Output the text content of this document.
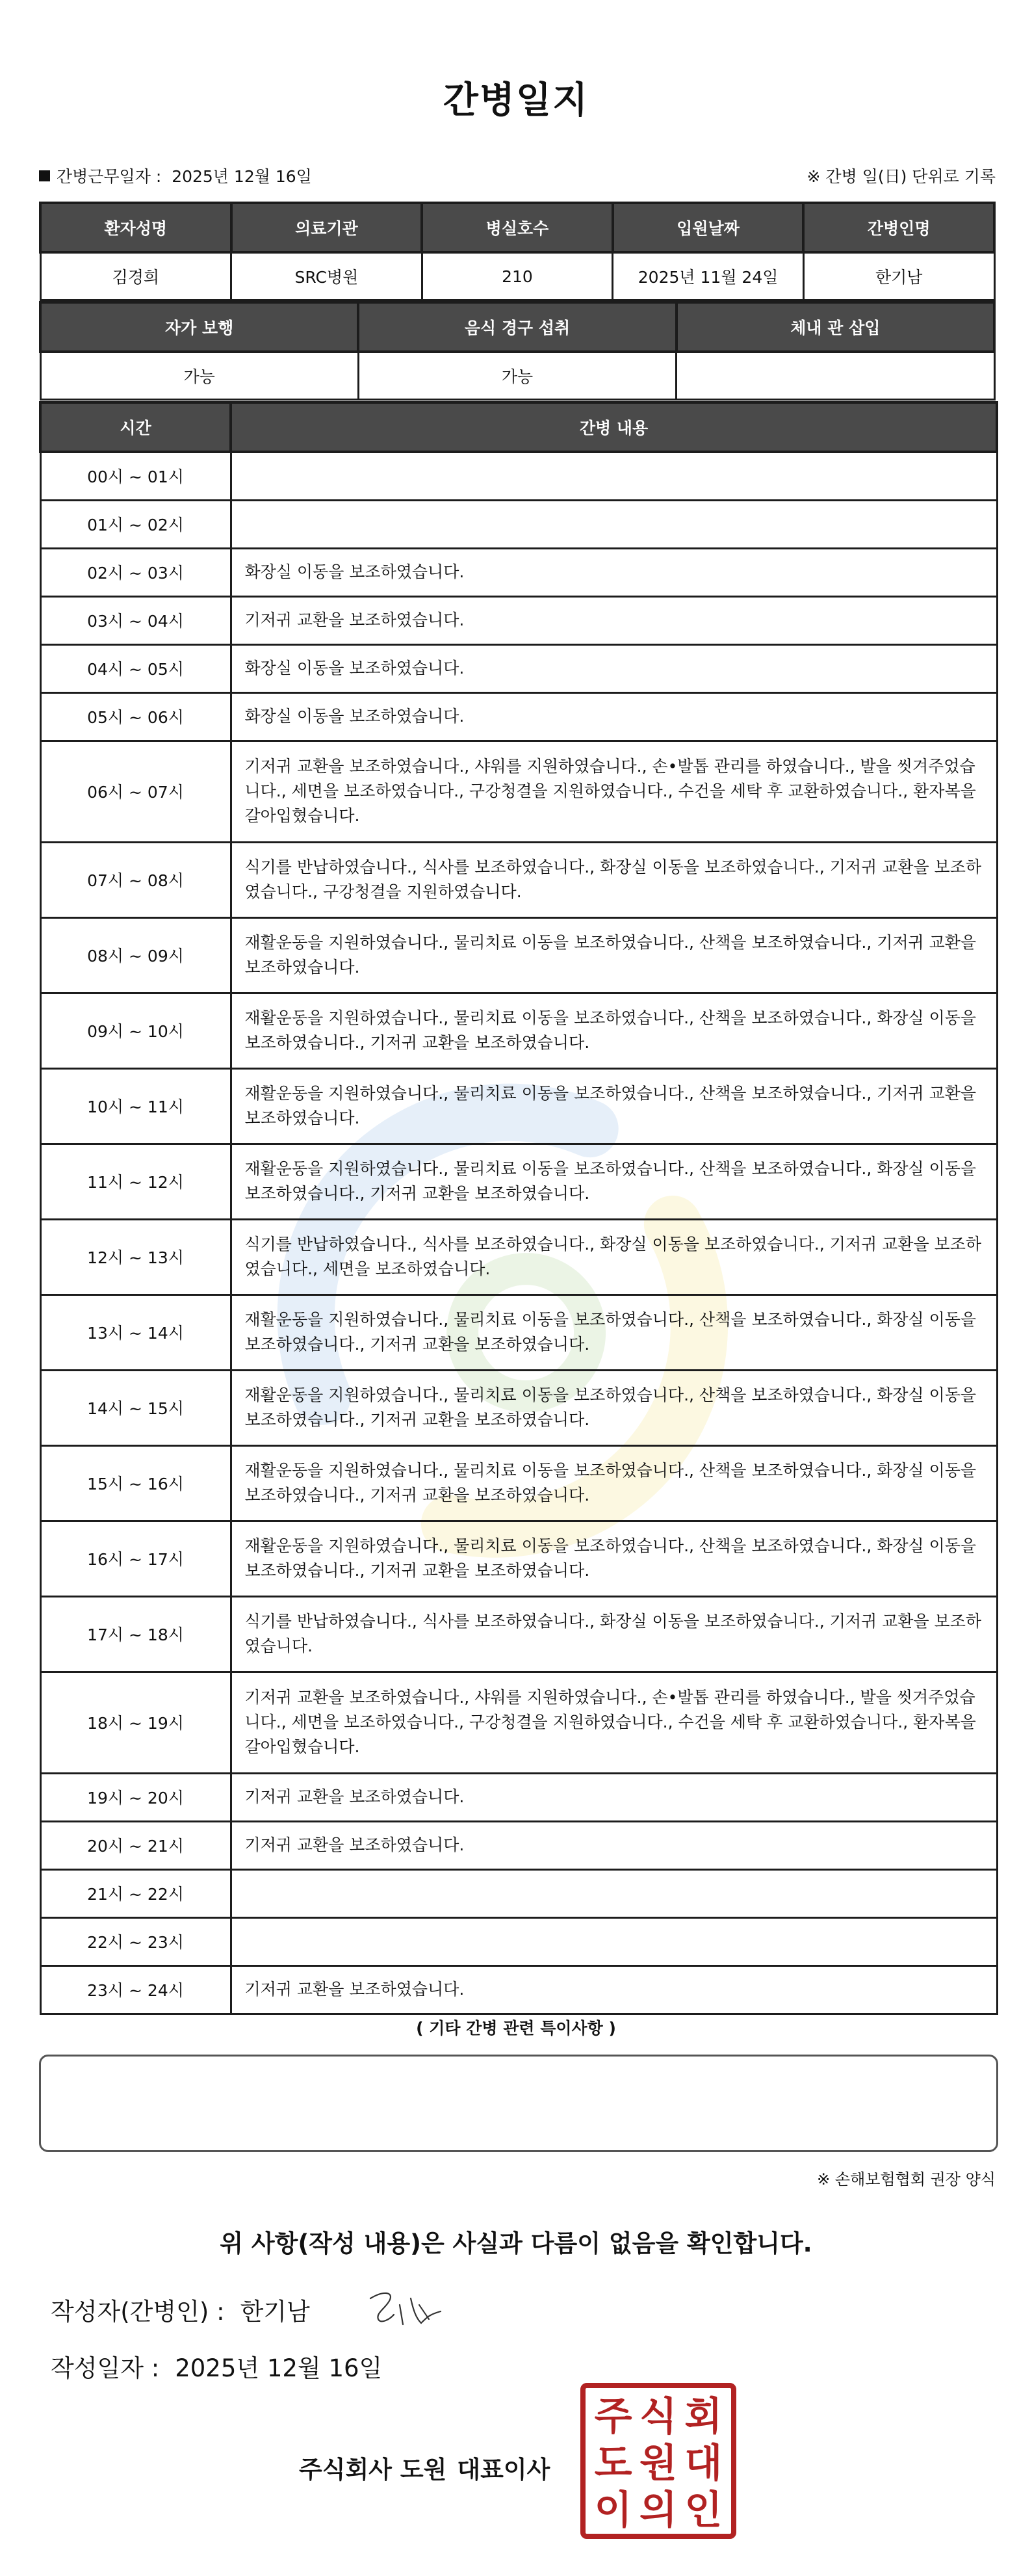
간병일지
간병근무일자 : 2025년 12월 16일	※ 간병 일(日) 단위로 기록
환자성명	의료기관	병실호수	입원날짜	간병인명
김경희	SRC병원	210	2025년 11월 24일	한기남
자가 보행	음식 경구 섭취	체내 관 삽입
가능	가능	
시간	간병 내용
00시 ~ 01시	
01시 ~ 02시	
02시 ~ 03시	화장실 이동을 보조하였습니다.
03시 ~ 04시	기저귀 교환을 보조하였습니다.
04시 ~ 05시	화장실 이동을 보조하였습니다.
05시 ~ 06시	화장실 이동을 보조하였습니다.
06시 ~ 07시	기저귀 교환을 보조하였습니다., 샤워를 지원하였습니다., 손•발톱 관리를 하였습니다., 발을 씻겨주었습니다., 세면을 보조하였습니다., 구강청결을 지원하였습니다., 수건을 세탁 후 교환하였습니다., 환자복을 갈아입혔습니다.
07시 ~ 08시	식기를 반납하였습니다., 식사를 보조하였습니다., 화장실 이동을 보조하였습니다., 기저귀 교환을 보조하였습니다., 구강청결을 지원하였습니다.
08시 ~ 09시	재활운동을 지원하였습니다., 물리치료 이동을 보조하였습니다., 산책을 보조하였습니다., 기저귀 교환을 보조하였습니다.
09시 ~ 10시	재활운동을 지원하였습니다., 물리치료 이동을 보조하였습니다., 산책을 보조하였습니다., 화장실 이동을 보조하였습니다., 기저귀 교환을 보조하였습니다.
10시 ~ 11시	재활운동을 지원하였습니다., 물리치료 이동을 보조하였습니다., 산책을 보조하였습니다., 기저귀 교환을 보조하였습니다.
11시 ~ 12시	재활운동을 지원하였습니다., 물리치료 이동을 보조하였습니다., 산책을 보조하였습니다., 화장실 이동을 보조하였습니다., 기저귀 교환을 보조하였습니다.
12시 ~ 13시	식기를 반납하였습니다., 식사를 보조하였습니다., 화장실 이동을 보조하였습니다., 기저귀 교환을 보조하였습니다., 세면을 보조하였습니다.
13시 ~ 14시	재활운동을 지원하였습니다., 물리치료 이동을 보조하였습니다., 산책을 보조하였습니다., 화장실 이동을 보조하였습니다., 기저귀 교환을 보조하였습니다.
14시 ~ 15시	재활운동을 지원하였습니다., 물리치료 이동을 보조하였습니다., 산책을 보조하였습니다., 화장실 이동을 보조하였습니다., 기저귀 교환을 보조하였습니다.
15시 ~ 16시	재활운동을 지원하였습니다., 물리치료 이동을 보조하였습니다., 산책을 보조하였습니다., 화장실 이동을 보조하였습니다., 기저귀 교환을 보조하였습니다.
16시 ~ 17시	재활운동을 지원하였습니다., 물리치료 이동을 보조하였습니다., 산책을 보조하였습니다., 화장실 이동을 보조하였습니다., 기저귀 교환을 보조하였습니다.
17시 ~ 18시	식기를 반납하였습니다., 식사를 보조하였습니다., 화장실 이동을 보조하였습니다., 기저귀 교환을 보조하였습니다.
18시 ~ 19시	기저귀 교환을 보조하였습니다., 샤워를 지원하였습니다., 손•발톱 관리를 하였습니다., 발을 씻겨주었습니다., 세면을 보조하였습니다., 구강청결을 지원하였습니다., 수건을 세탁 후 교환하였습니다., 환자복을 갈아입혔습니다.
19시 ~ 20시	기저귀 교환을 보조하였습니다.
20시 ~ 21시	기저귀 교환을 보조하였습니다.
21시 ~ 22시	
22시 ~ 23시	
23시 ~ 24시	기저귀 교환을 보조하였습니다.
( 기타 간병 관련 특이사항 )
※ 손해보험협회 권장 양식
위 사항(작성 내용)은 사실과 다름이 없음을 확인합니다.
작성자(간병인) : 한기남
작성일자 : 2025년 12월 16일
주식회사 도원 대표이사
주 식 회
도 원 대
이 의 인
